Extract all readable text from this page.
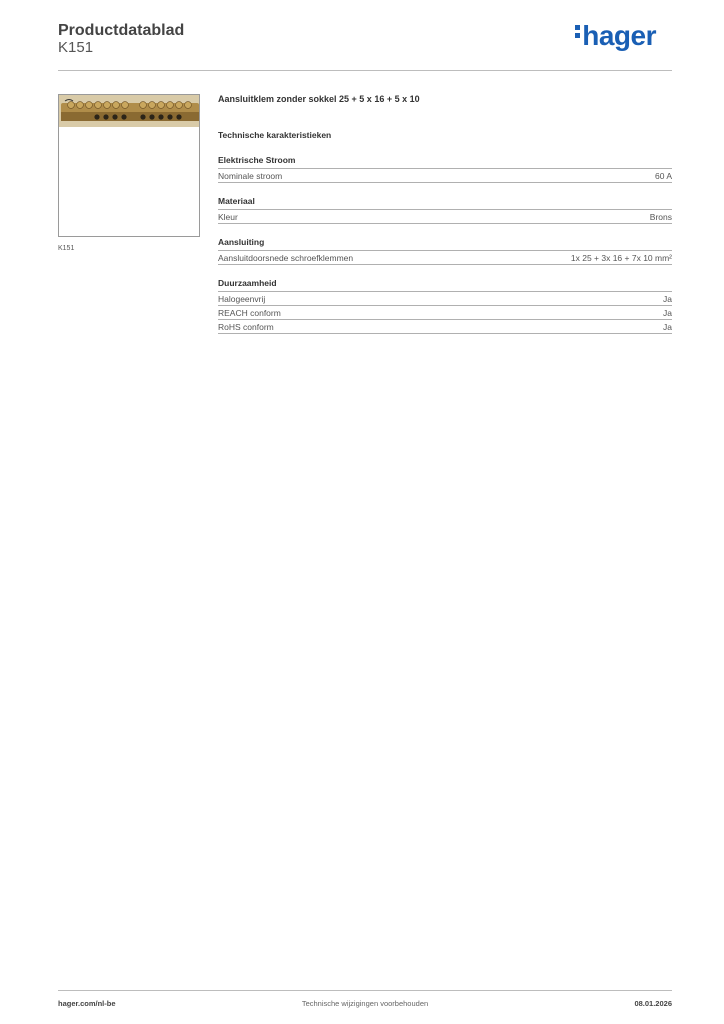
Productdatablad
K151	hager
K151
Aansluitklem zonder sokkel 25 + 5 x 16 + 5 x 10
Technische karakteristieken
Elektrische Stroom
Nominale stroom	60 A
Materiaal
Kleur	Brons
Aansluiting
Aansluitdoorsnede schroefklemmen	1x 25 + 3x 16 + 7x 10 mm²
Duurzaamheid
Halogeenvrij	Ja
REACH conform	Ja
RoHS conform	Ja
hager.com/nl-be	Technische wijzigingen voorbehouden	08.01.2026
